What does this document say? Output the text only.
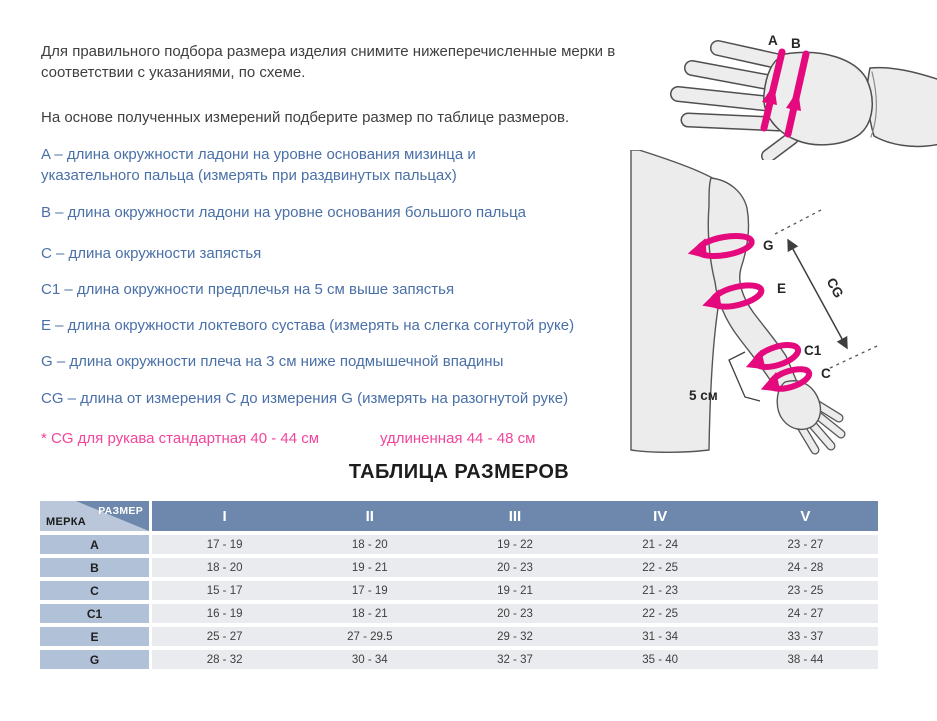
Для правильного подбора размера изделия снимите нижеперечисленные мерки в соответствии с указаниями, по схеме.
На основе полученных измерений подберите размер по таблице размеров.
A – длина окружности ладони на уровне основания мизинца и указательного пальца (измерять при раздвинутых пальцах)
B – длина окружности ладони на уровне основания большого пальца
C – длина окружности запястья
C1 – длина окружности предплечья на 5 см выше запястья
E – длина окружности локтевого сустава (измерять на слегка согнутой руке)
G – длина окружности плеча на 3 см ниже подмышечной впадины
CG – длина от измерения C до измерения G (измерять на разогнутой руке)
* CG для рукава стандартная 40 - 44 см	удлиненная 44 - 48 см
ТАБЛИЦА РАЗМЕРОВ
РАЗМЕР
МЕРКА	I	II	III	IV	V
A	17 - 19	18 - 20	19 - 22	21 - 24	23 - 27
B	18 - 20	19 - 21	20 - 23	22 - 25	24 - 28
C	15 - 17	17 - 19	19 - 21	21 - 23	23 - 25
C1	16 - 19	18 - 21	20 - 23	22 - 25	24 - 27
E	25 - 27	27 - 29.5	29 - 32	31 - 34	33 - 37
G	28 - 32	30 - 34	32 - 37	35 - 40	38 - 44
A B
G
E
C1
C
CG
5 см
